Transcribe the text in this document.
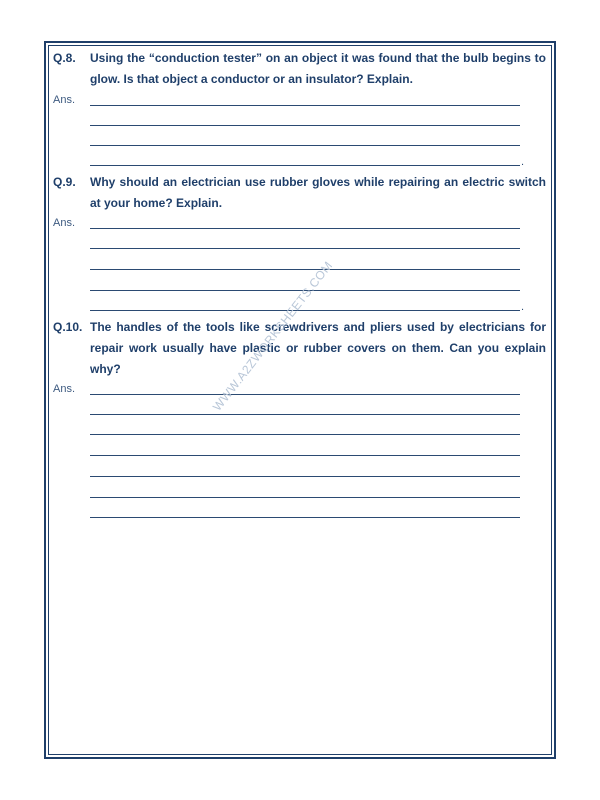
Q.8. Using the “conduction tester” on an object it was found that the bulb begins to glow. Is that object a conductor or an insulator? Explain.
Ans.
.
Q.9. Why should an electrician use rubber gloves while repairing an electric switch at your home? Explain.
Ans.
.
Q.10. The handles of the tools like screwdrivers and pliers used by electricians for repair work usually have plastic or rubber covers on them. Can you explain why?
Ans.	WWW.A2ZWORKSHEETS.COM
